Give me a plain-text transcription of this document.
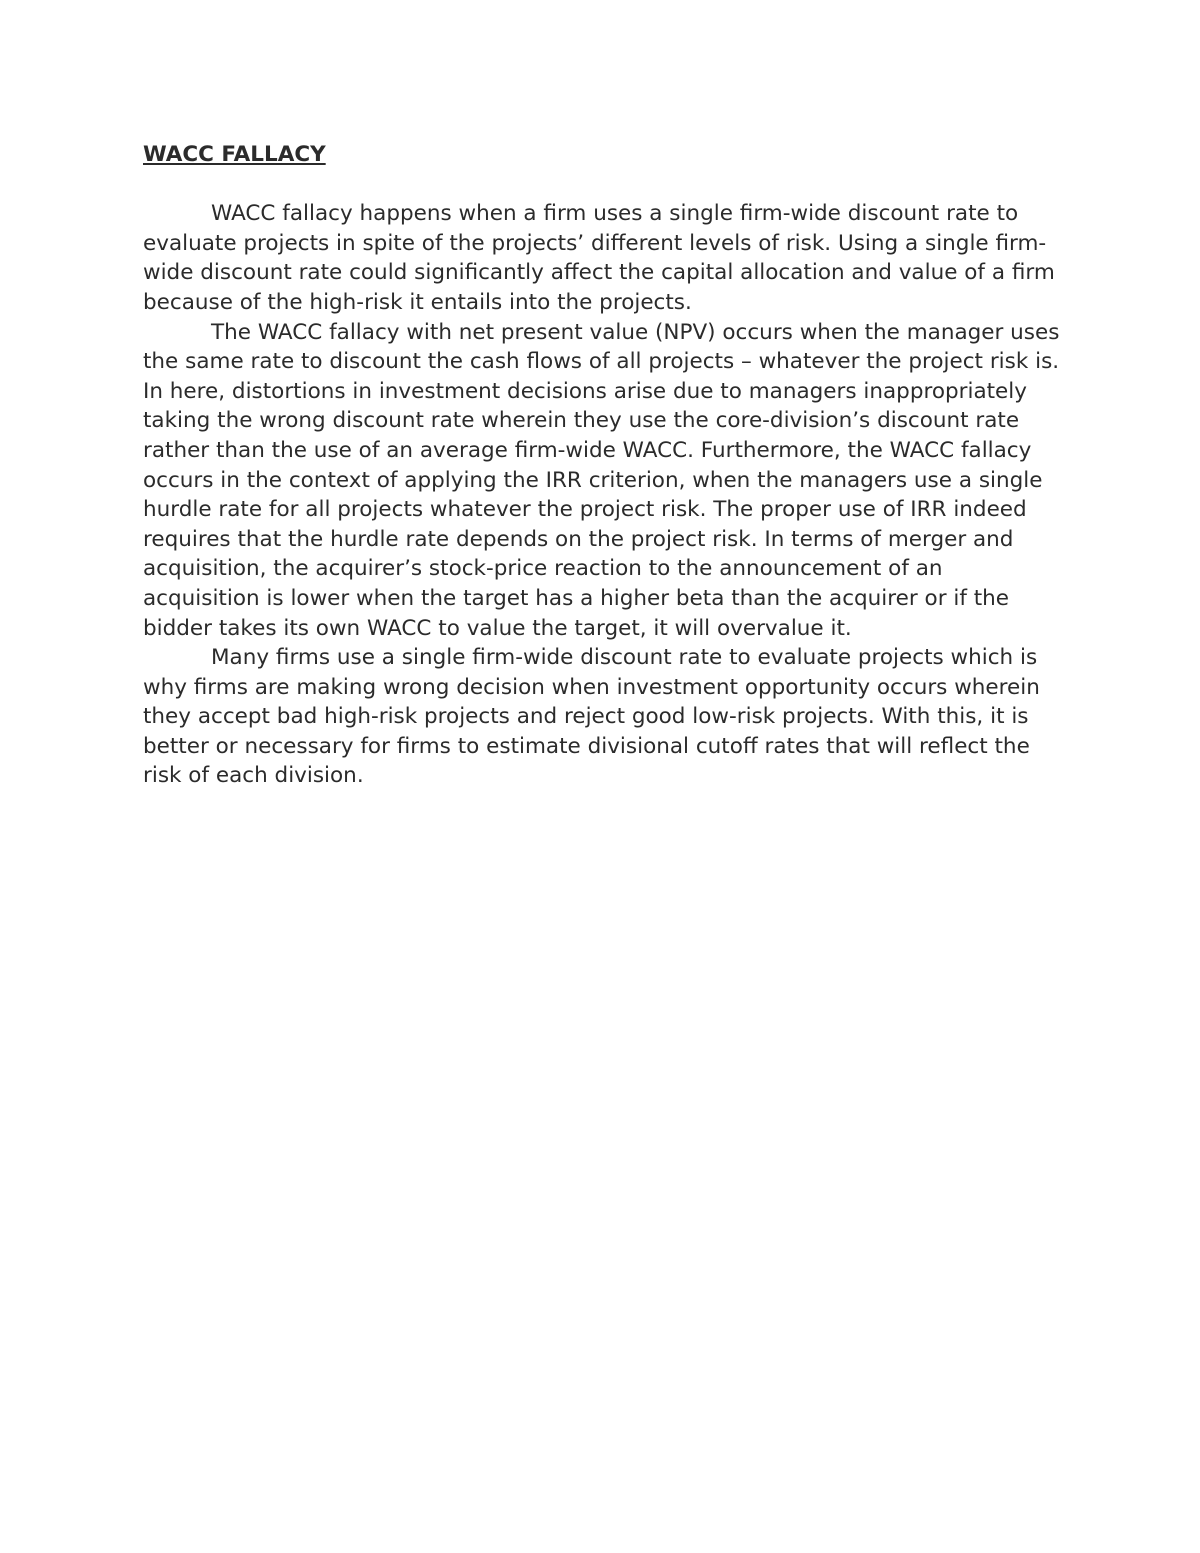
WACC FALLACY

WACC fallacy happens when a firm uses a single firm-wide discount rate to evaluate projects in spite of the projects’ different levels of risk. Using a single firm-wide discount rate could significantly affect the capital allocation and value of a firm because of the high-risk it entails into the projects.

The WACC fallacy with net present value (NPV) occurs when the manager uses the same rate to discount the cash flows of all projects – whatever the project risk is. In here, distortions in investment decisions arise due to managers inappropriately taking the wrong discount rate wherein they use the core-division’s discount rate rather than the use of an average firm-wide WACC. Furthermore, the WACC fallacy occurs in the context of applying the IRR criterion, when the managers use a single hurdle rate for all projects whatever the project risk. The proper use of IRR indeed requires that the hurdle rate depends on the project risk. In terms of merger and acquisition, the acquirer’s stock-price reaction to the announcement of an acquisition is lower when the target has a higher beta than the acquirer or if the bidder takes its own WACC to value the target, it will overvalue it.

Many firms use a single firm-wide discount rate to evaluate projects which is why firms are making wrong decision when investment opportunity occurs wherein they accept bad high-risk projects and reject good low-risk projects. With this, it is better or necessary for firms to estimate divisional cutoff rates that will reflect the risk of each division.
